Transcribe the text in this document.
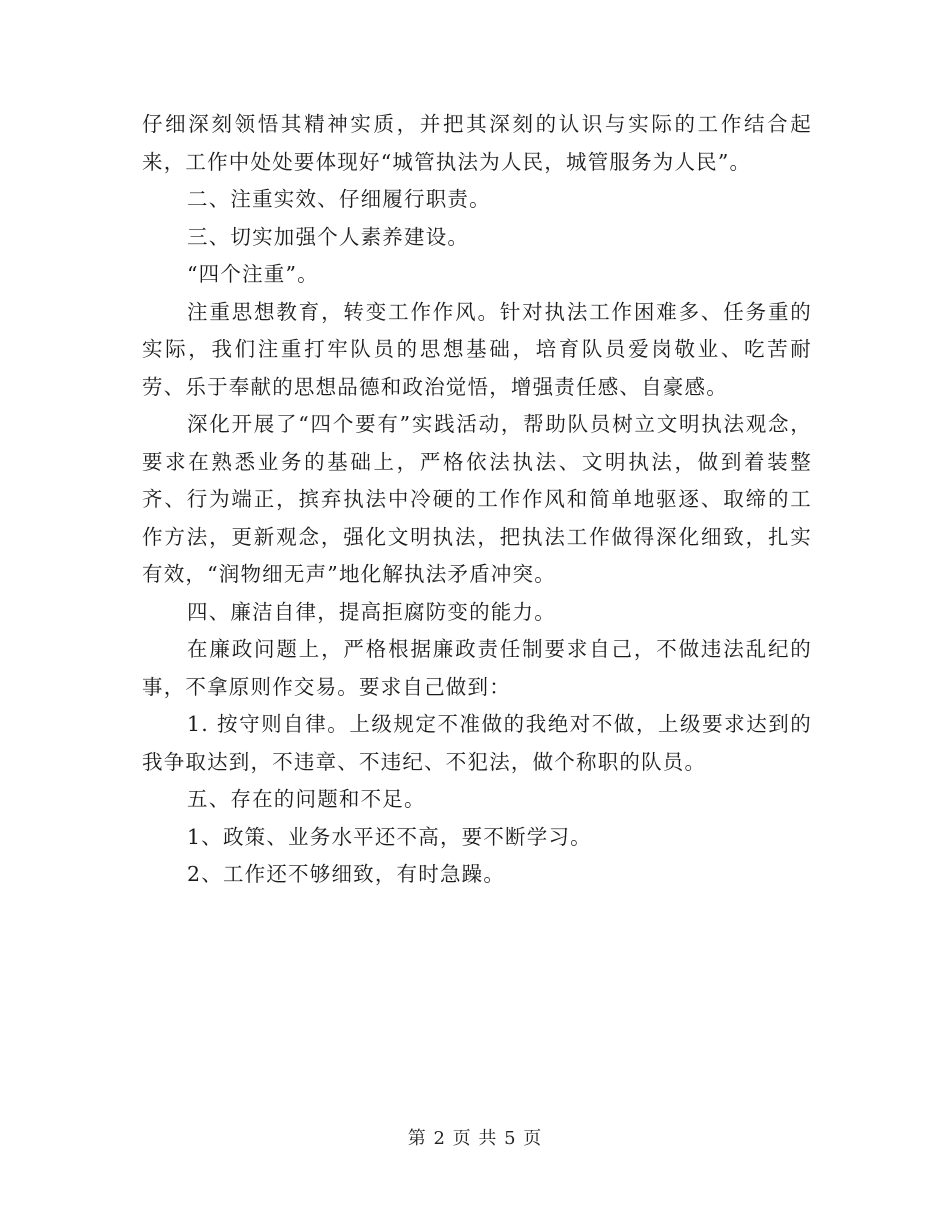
仔细深刻领悟其精神实质，并把其深刻的认识与实际的工作结合起来，工作中处处要体现好“城管执法为人民，城管服务为人民”。

二、注重实效、仔细履行职责。

三、切实加强个人素养建设。

“四个注重”。

注重思想教育，转变工作作风。针对执法工作困难多、任务重的实际，我们注重打牢队员的思想基础，培育队员爱岗敬业、吃苦耐劳、乐于奉献的思想品德和政治觉悟，增强责任感、自豪感。

深化开展了“四个要有”实践活动，帮助队员树立文明执法观念，要求在熟悉业务的基础上，严格依法执法、文明执法，做到着装整齐、行为端正，摈弃执法中冷硬的工作作风和简单地驱逐、取缔的工作方法，更新观念，强化文明执法，把执法工作做得深化细致，扎实有效，“润物细无声”地化解执法矛盾冲突。

四、廉洁自律，提高拒腐防变的能力。

在廉政问题上，严格根据廉政责任制要求自己，不做违法乱纪的事，不拿原则作交易。要求自己做到：

1. 按守则自律。上级规定不准做的我绝对不做，上级要求达到的我争取达到，不违章、不违纪、不犯法，做个称职的队员。

五、存在的问题和不足。

1、政策、业务水平还不高，要不断学习。

2、工作还不够细致，有时急躁。

第 2 页 共 5 页
